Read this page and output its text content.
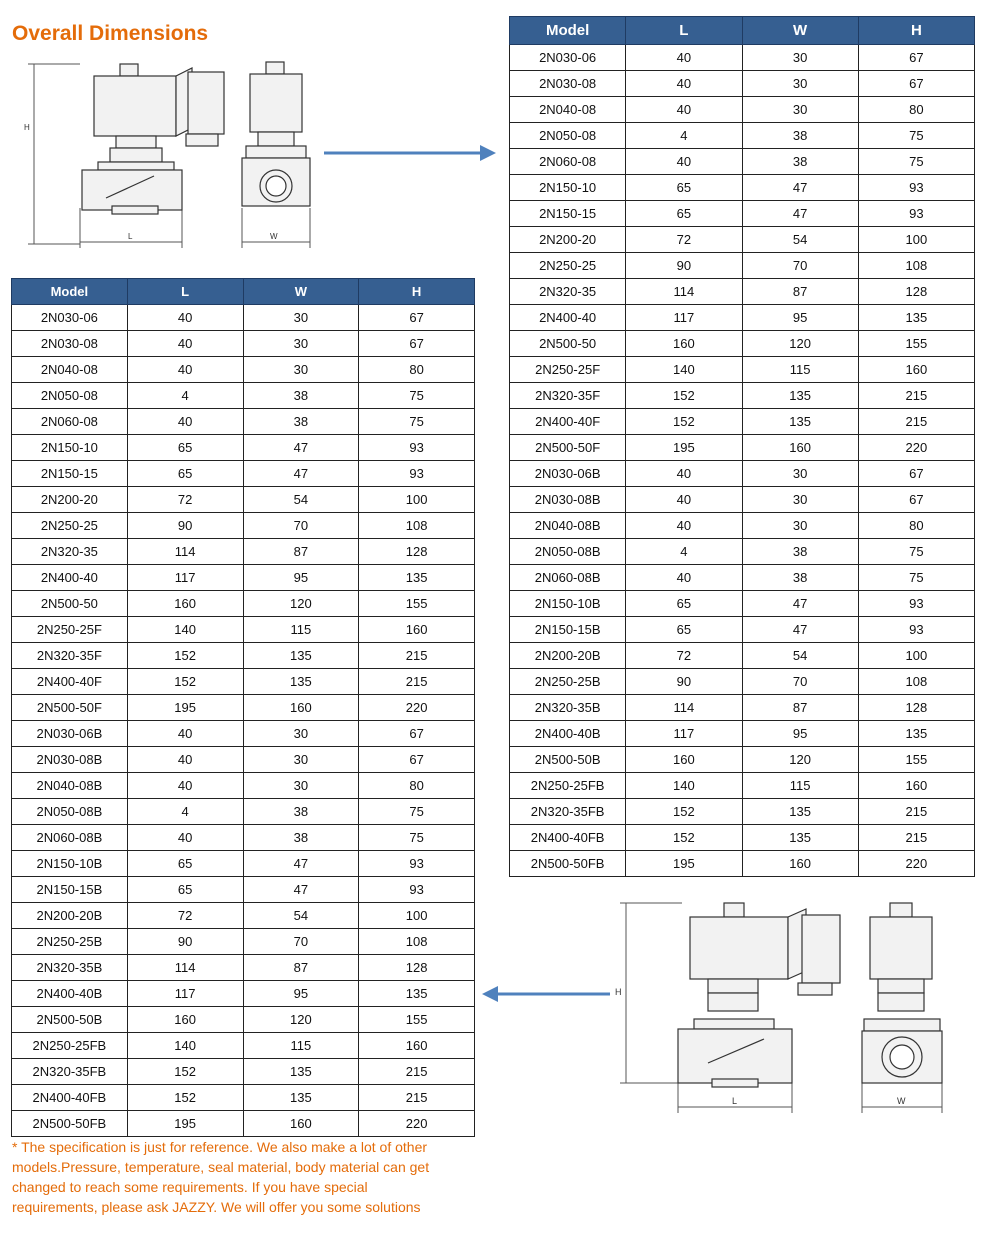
Overall Dimensions
H
L	W
H
L	W
Model	L	W	H
2N030-06	40	30	67
2N030-08	40	30	67
2N040-08	40	30	80
2N050-08	4	38	75
2N060-08	40	38	75
2N150-10	65	47	93
2N150-15	65	47	93
2N200-20	72	54	100
2N250-25	90	70	108
2N320-35	114	87	128
2N400-40	117	95	135
2N500-50	160	120	155
2N250-25F	140	115	160
2N320-35F	152	135	215
2N400-40F	152	135	215
2N500-50F	195	160	220
2N030-06B	40	30	67
2N030-08B	40	30	67
2N040-08B	40	30	80
2N050-08B	4	38	75
2N060-08B	40	38	75
2N150-10B	65	47	93
2N150-15B	65	47	93
2N200-20B	72	54	100
2N250-25B	90	70	108
2N320-35B	114	87	128
2N400-40B	117	95	135
2N500-50B	160	120	155
2N250-25FB	140	115	160
2N320-35FB	152	135	215
2N400-40FB	152	135	215
2N500-50FB	195	160	220
Model	L	W	H
2N030-06	40	30	67
2N030-08	40	30	67
2N040-08	40	30	80
2N050-08	4	38	75
2N060-08	40	38	75
2N150-10	65	47	93
2N150-15	65	47	93
2N200-20	72	54	100
2N250-25	90	70	108
2N320-35	114	87	128
2N400-40	117	95	135
2N500-50	160	120	155
2N250-25F	140	115	160
2N320-35F	152	135	215
2N400-40F	152	135	215
2N500-50F	195	160	220
2N030-06B	40	30	67
2N030-08B	40	30	67
2N040-08B	40	30	80
2N050-08B	4	38	75
2N060-08B	40	38	75
2N150-10B	65	47	93
2N150-15B	65	47	93
2N200-20B	72	54	100
2N250-25B	90	70	108
2N320-35B	114	87	128
2N400-40B	117	95	135
2N500-50B	160	120	155
2N250-25FB	140	115	160
2N320-35FB	152	135	215
2N400-40FB	152	135	215
2N500-50FB	195	160	220
* The specification is just for reference. We also make a lot of other models.Pressure, temperature, seal material, body material can get changed to reach some requirements. If you have special requirements, please ask JAZZY. We will offer you some solutions
